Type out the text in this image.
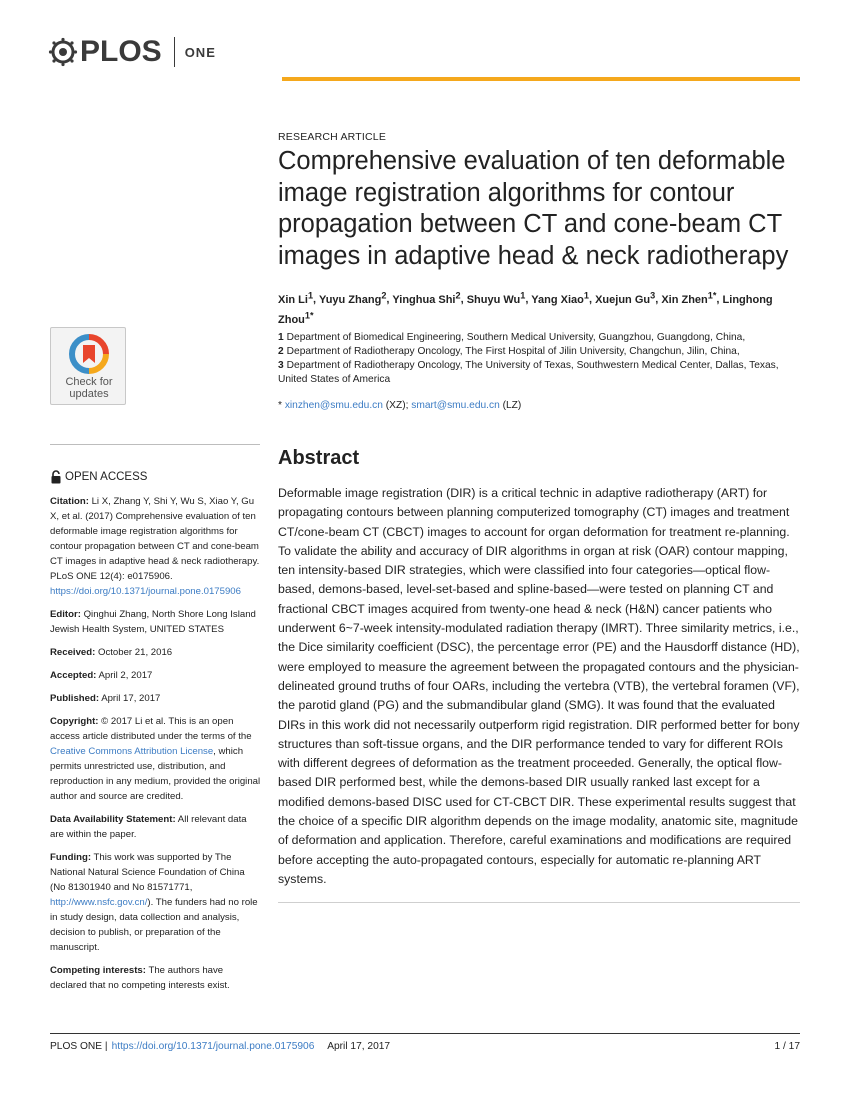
PLOS ONE
Check for
updates
OPEN ACCESS

Citation: Li X, Zhang Y, Shi Y, Wu S, Xiao Y, Gu X, et al. (2017) Comprehensive evaluation of ten deformable image registration algorithms for contour propagation between CT and cone-beam CT images in adaptive head & neck radiotherapy. PLoS ONE 12(4): e0175906. https://doi.org/10.1371/journal.pone.0175906

Editor: Qinghui Zhang, North Shore Long Island Jewish Health System, UNITED STATES

Received: October 21, 2016

Accepted: April 2, 2017

Published: April 17, 2017

Copyright: © 2017 Li et al. This is an open access article distributed under the terms of the Creative Commons Attribution License, which permits unrestricted use, distribution, and reproduction in any medium, provided the original author and source are credited.

Data Availability Statement: All relevant data are within the paper.

Funding: This work was supported by The National Natural Science Foundation of China (No 81301940 and No 81571771, http://www.nsfc.gov.cn/). The funders had no role in study design, data collection and analysis, decision to publish, or preparation of the manuscript.

Competing interests: The authors have declared that no competing interests exist.

RESEARCH ARTICLE
Comprehensive evaluation of ten deformable image registration algorithms for contour propagation between CT and cone-beam CT images in adaptive head & neck radiotherapy
Xin Li$^1$, Yuyu Zhang$^2$, Yinghua Shi$^2$, Shuyu Wu$^1$, Yang Xiao$^1$, Xuejun Gu$^3$, Xin Zhen$^{1*}$, Linghong Zhou$^{1*}$
1 Department of Biomedical Engineering, Southern Medical University, Guangzhou, Guangdong, China,
2 Department of Radiotherapy Oncology, The First Hospital of Jilin University, Changchun, Jilin, China,
3 Department of Radiotherapy Oncology, The University of Texas, Southwestern Medical Center, Dallas, Texas, United States of America
* xinzhen@smu.edu.cn (XZ); smart@smu.edu.cn (LZ)
Abstract
Deformable image registration (DIR) is a critical technic in adaptive radiotherapy (ART) for propagating contours between planning computerized tomography (CT) images and treatment CT/cone-beam CT (CBCT) images to account for organ deformation for treatment re-planning. To validate the ability and accuracy of DIR algorithms in organ at risk (OAR) contour mapping, ten intensity-based DIR strategies, which were classified into four categories—optical flow-based, demons-based, level-set-based and spline-based—were tested on planning CT and fractional CBCT images acquired from twenty-one head & neck (H&N) cancer patients who underwent 6~7-week intensity-modulated radiation therapy (IMRT). Three similarity metrics, i.e., the Dice similarity coefficient (DSC), the percentage error (PE) and the Hausdorff distance (HD), were employed to measure the agreement between the propagated contours and the physician-delineated ground truths of four OARs, including the vertebra (VTB), the vertebral foramen (VF), the parotid gland (PG) and the submandibular gland (SMG). It was found that the evaluated DIRs in this work did not necessarily outperform rigid registration. DIR performed better for bony structures than soft-tissue organs, and the DIR performance tended to vary for different ROIs with different degrees of deformation as the treatment proceeded. Generally, the optical flow-based DIR performed best, while the demons-based DIR usually ranked last except for a modified demons-based DISC used for CT-CBCT DIR. These experimental results suggest that the choice of a specific DIR algorithm depends on the image modality, anatomic site, magnitude of deformation and application. Therefore, careful examinations and modifications are required before accepting the auto-propagated contours, especially for automatic re-planning ART systems.
PLOS ONE | https://doi.org/10.1371/journal.pone.0175906 April 17, 2017	1 / 17
